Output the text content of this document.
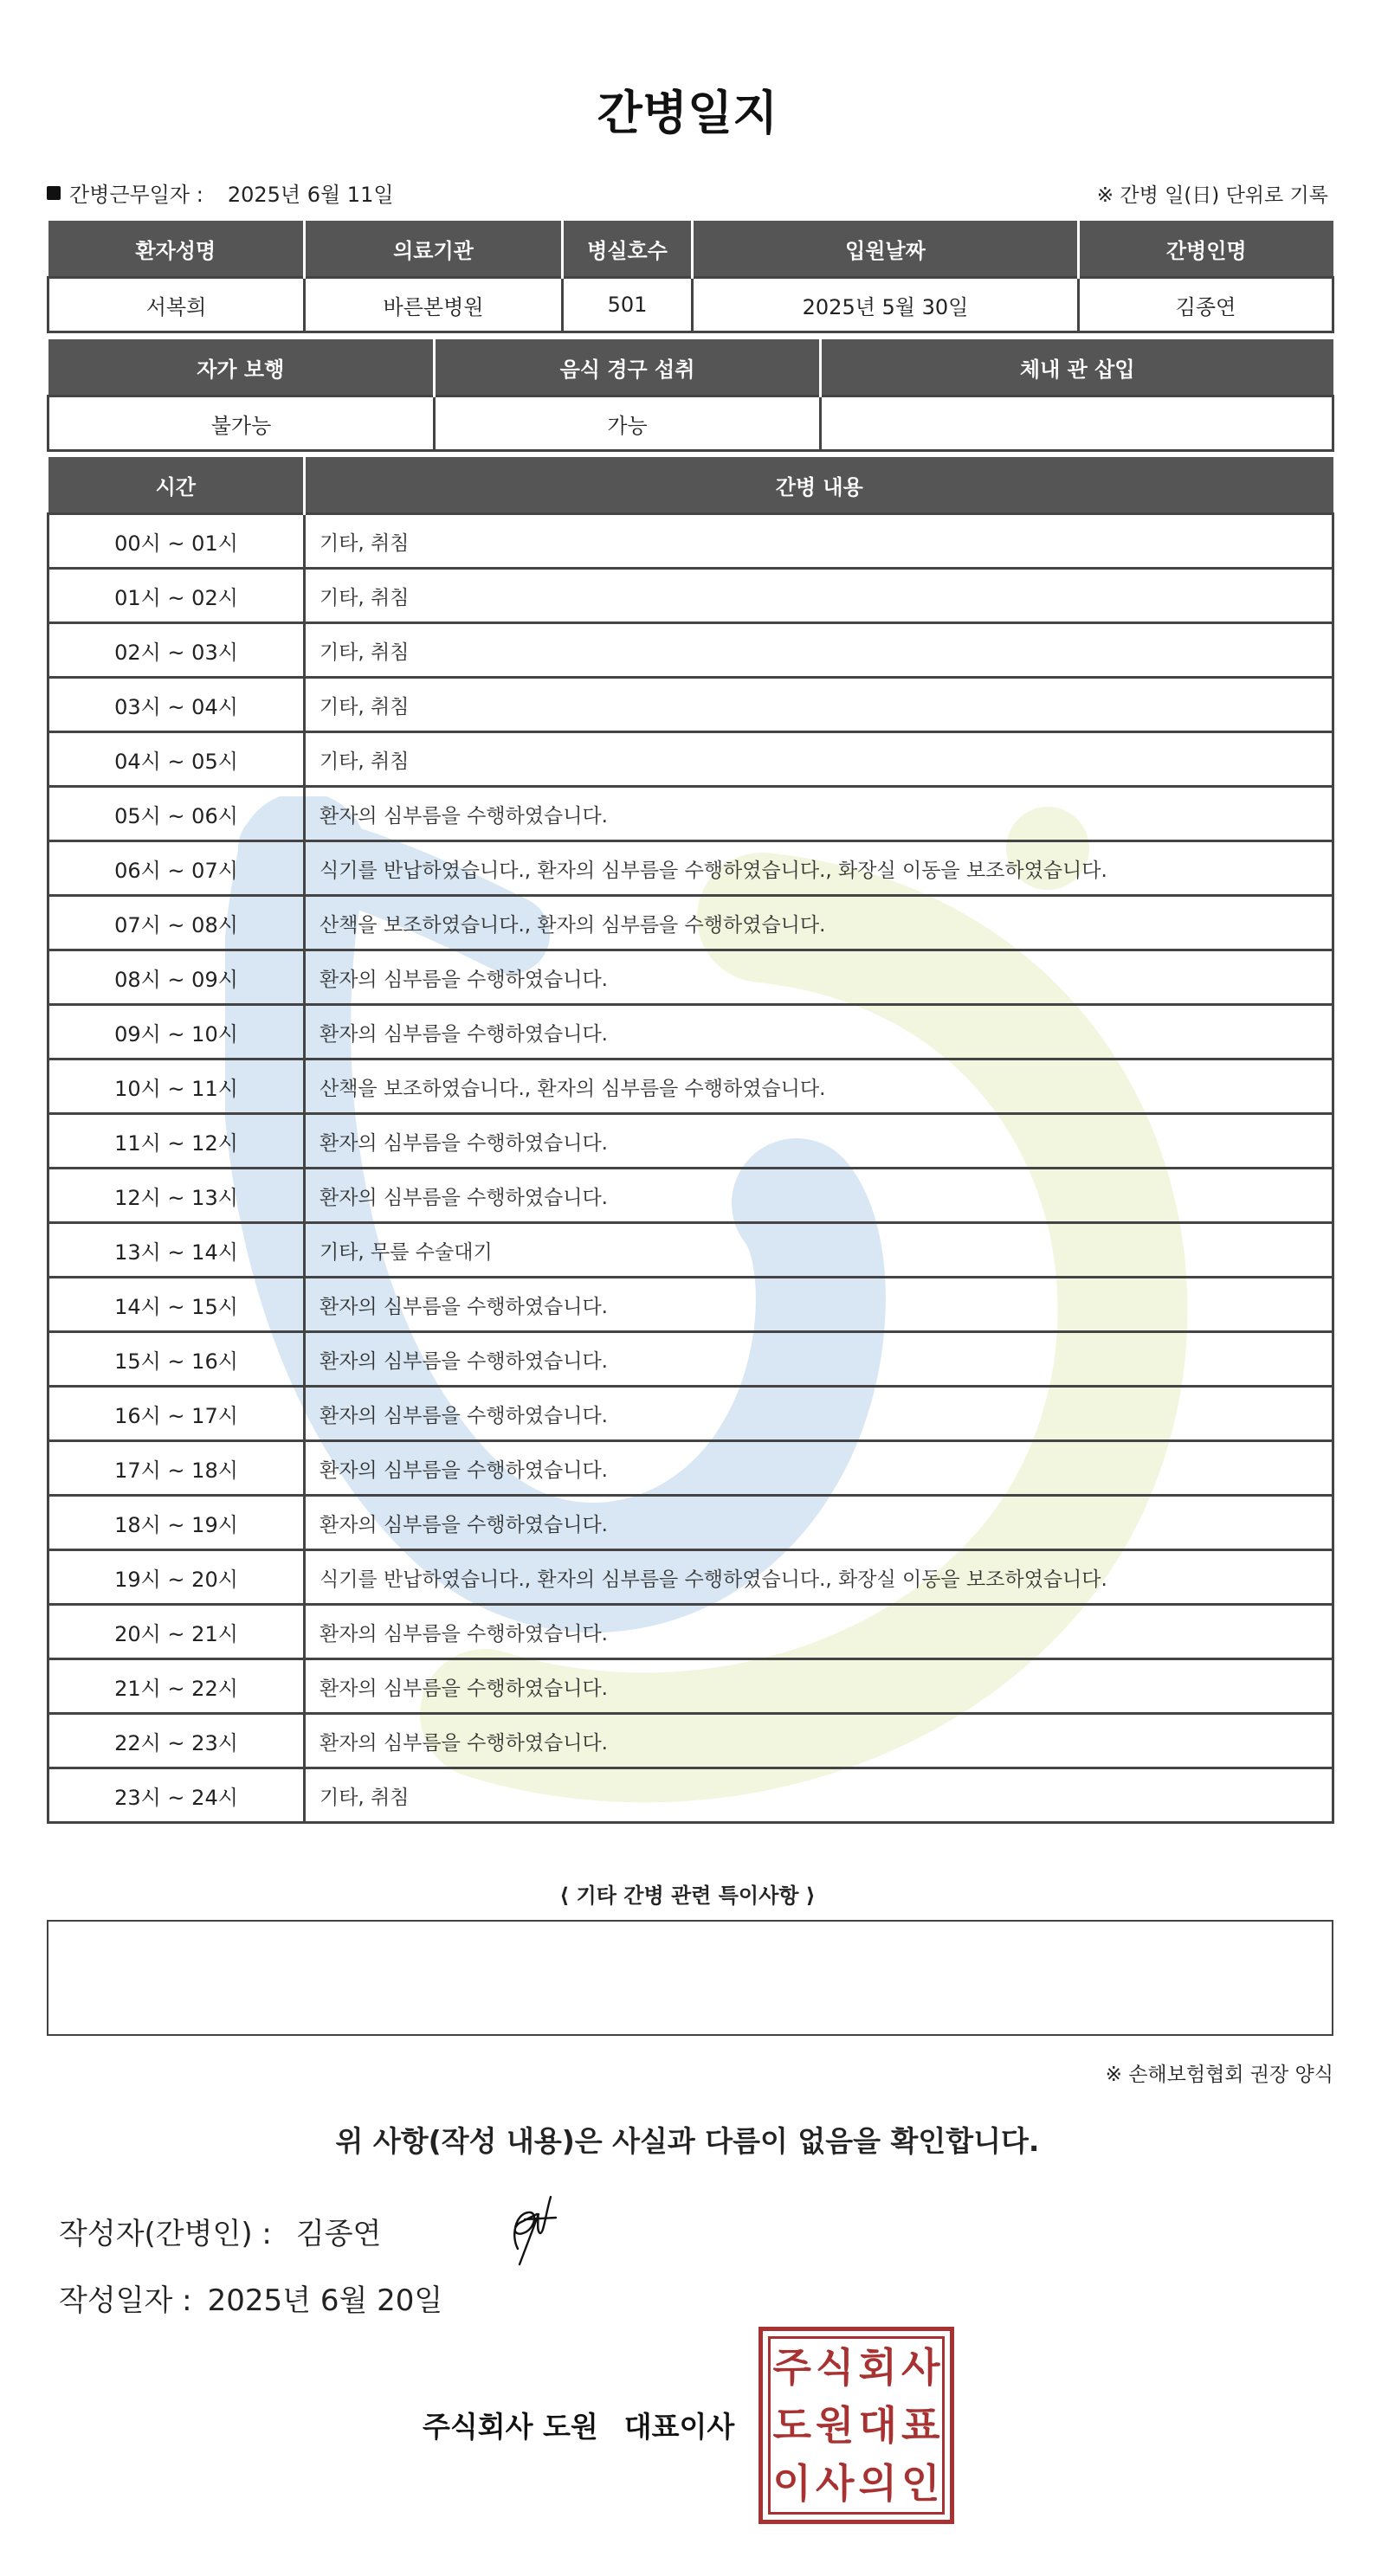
간병일지
간병근무일자 : 2025년 6월 11일	※ 간병 일(日) 단위로 기록
환자성명	의료기관	병실호수	입원날짜	간병인명
서복희	바른본병원	501	2025년 5월 30일	김종연
자가 보행	음식 경구 섭취	체내 관 삽입
불가능	가능	
시간	간병 내용
00시 ~ 01시	기타, 취침
01시 ~ 02시	기타, 취침
02시 ~ 03시	기타, 취침
03시 ~ 04시	기타, 취침
04시 ~ 05시	기타, 취침
05시 ~ 06시	환자의 심부름을 수행하였습니다.
06시 ~ 07시	식기를 반납하였습니다., 환자의 심부름을 수행하였습니다., 화장실 이동을 보조하였습니다.
07시 ~ 08시	산책을 보조하였습니다., 환자의 심부름을 수행하였습니다.
08시 ~ 09시	환자의 심부름을 수행하였습니다.
09시 ~ 10시	환자의 심부름을 수행하였습니다.
10시 ~ 11시	산책을 보조하였습니다., 환자의 심부름을 수행하였습니다.
11시 ~ 12시	환자의 심부름을 수행하였습니다.
12시 ~ 13시	환자의 심부름을 수행하였습니다.
13시 ~ 14시	기타, 무릎 수술대기
14시 ~ 15시	환자의 심부름을 수행하였습니다.
15시 ~ 16시	환자의 심부름을 수행하였습니다.
16시 ~ 17시	환자의 심부름을 수행하였습니다.
17시 ~ 18시	환자의 심부름을 수행하였습니다.
18시 ~ 19시	환자의 심부름을 수행하였습니다.
19시 ~ 20시	식기를 반납하였습니다., 환자의 심부름을 수행하였습니다., 화장실 이동을 보조하였습니다.
20시 ~ 21시	환자의 심부름을 수행하였습니다.
21시 ~ 22시	환자의 심부름을 수행하였습니다.
22시 ~ 23시	환자의 심부름을 수행하였습니다.
23시 ~ 24시	기타, 취침
⟨ 기타 간병 관련 특이사항 ⟩
※ 손해보험협회 권장 양식
위 사항(작성 내용)은 사실과 다름이 없음을 확인합니다.
작성자(간병인) : 김종연
작성일자 : 2025년 6월 20일
주식회사 도원 대표이사
주 식 회 사
도 원 대 표
이 사 의 인
